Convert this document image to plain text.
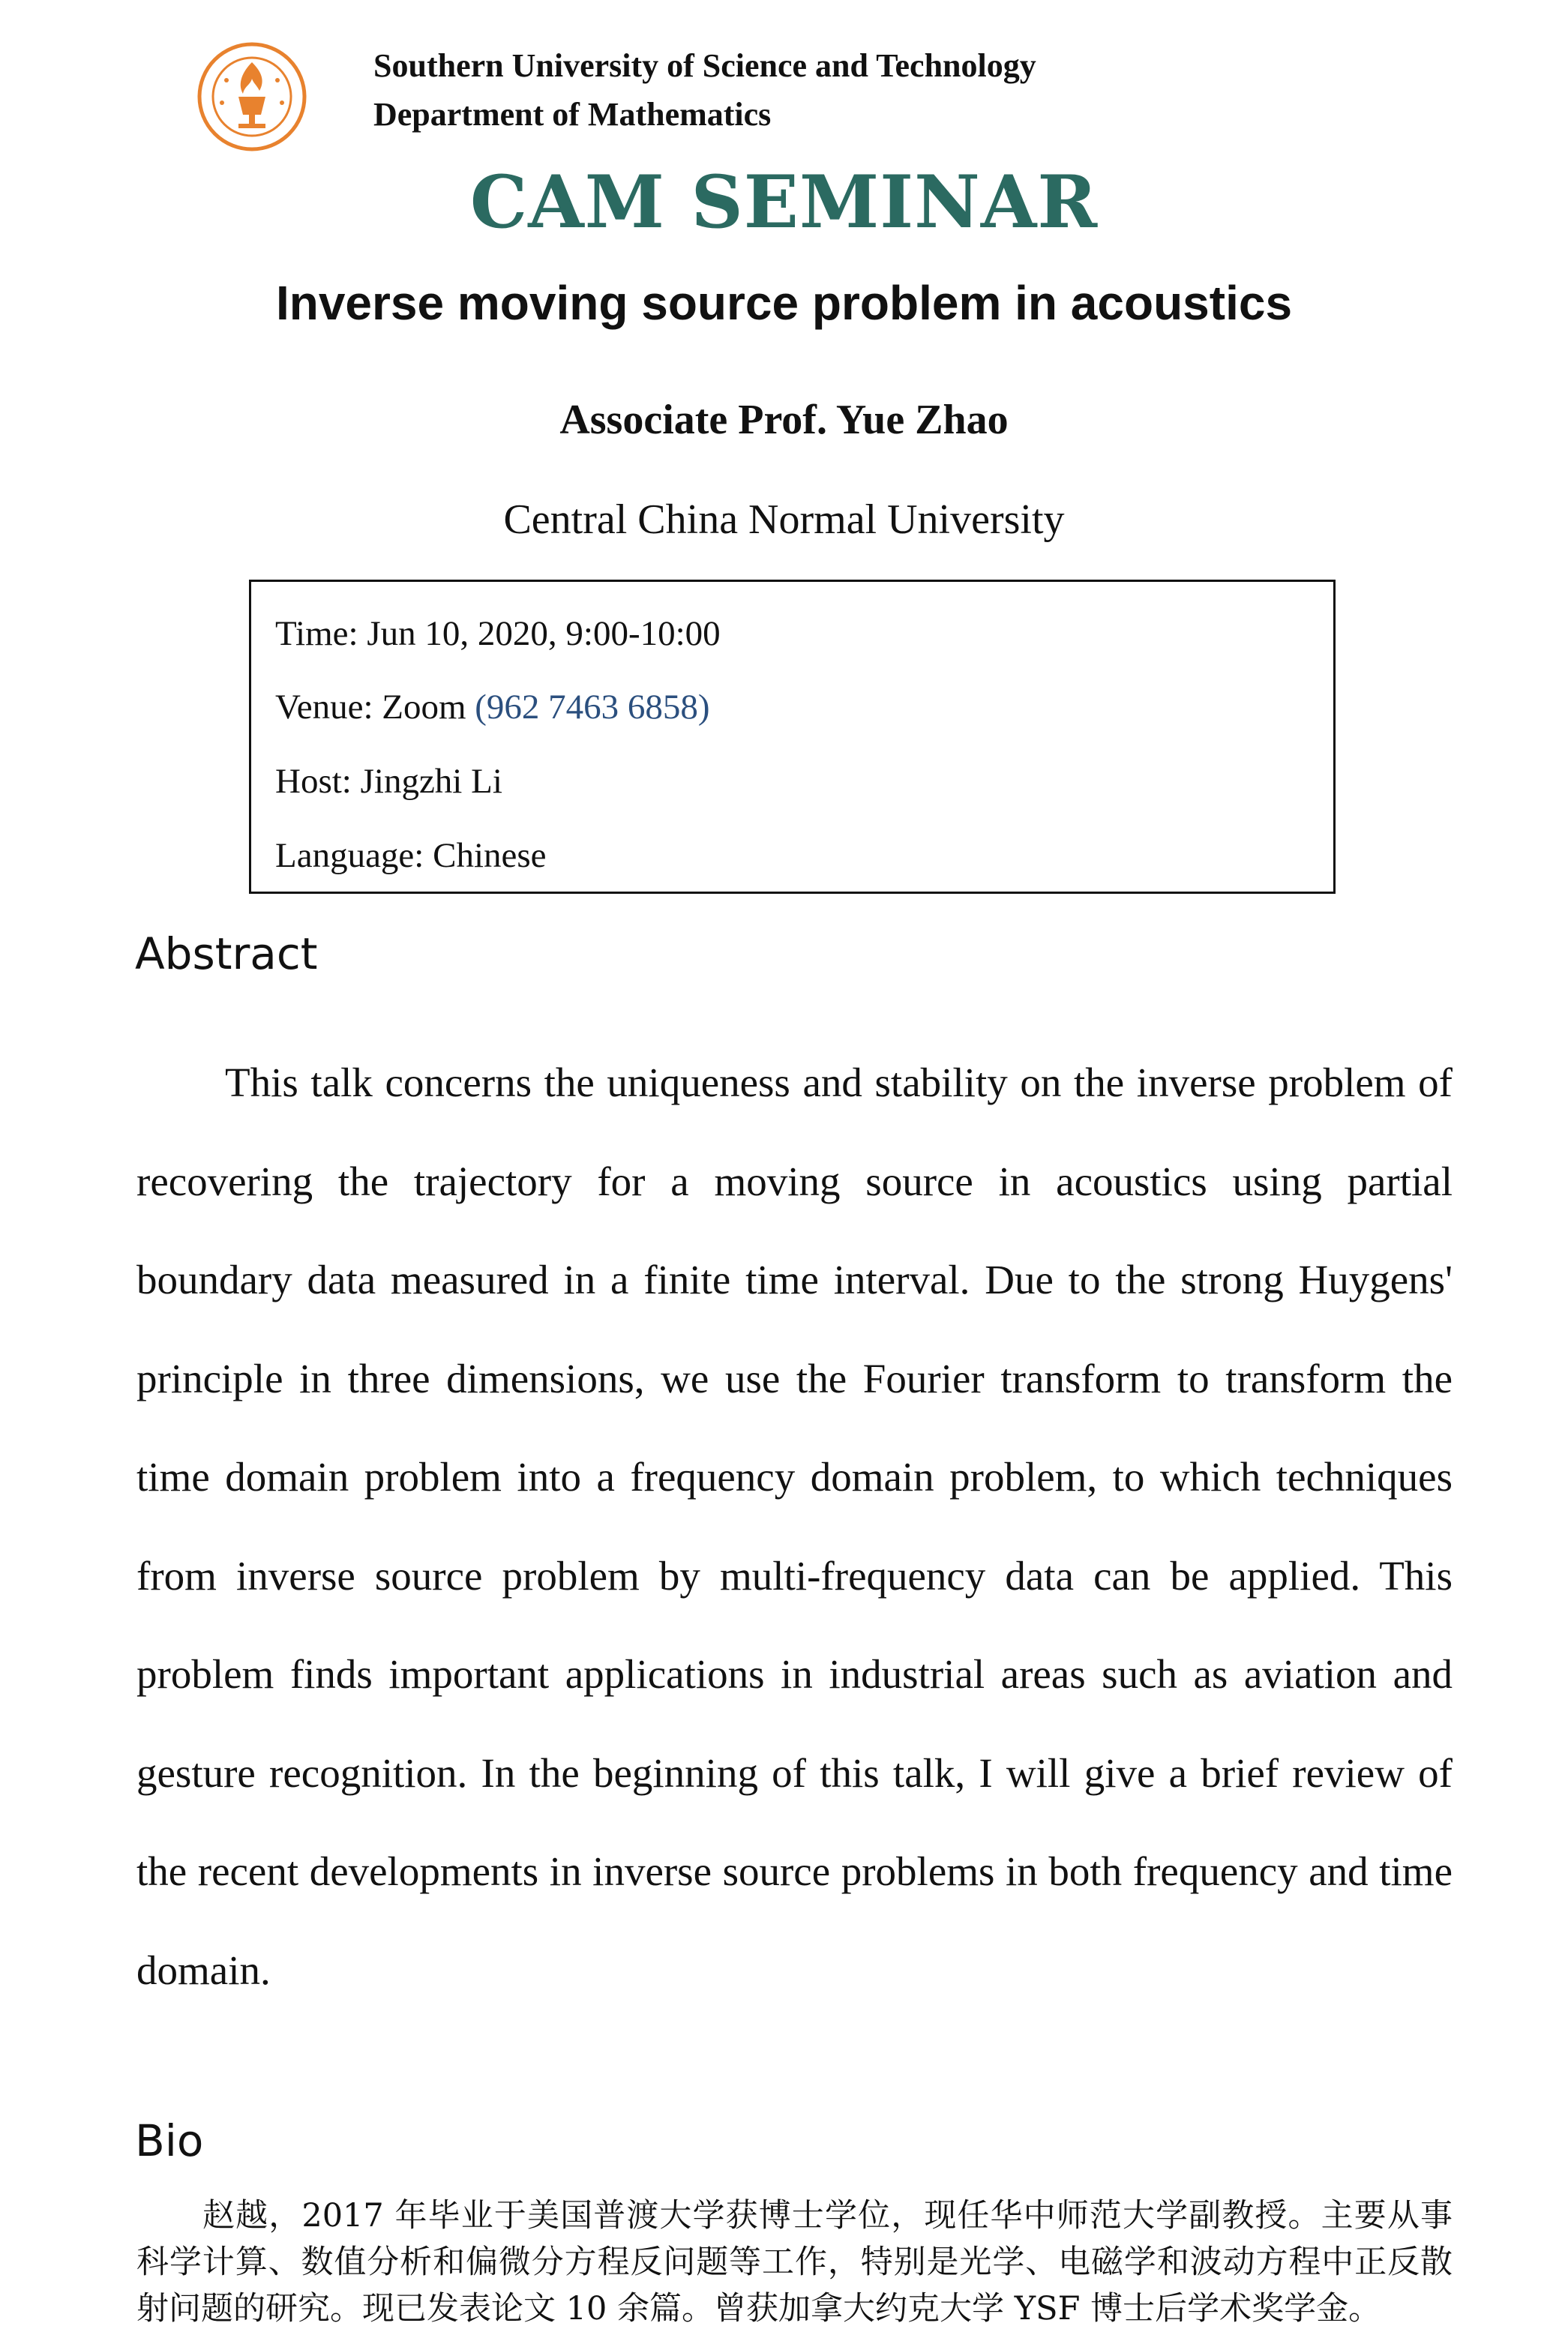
Southern University of Science and Technology
Department of Mathematics
CAM SEMINAR
Inverse moving source problem in acoustics
Associate Prof. Yue Zhao
Central China Normal University
Time: Jun 10, 2020, 9:00-10:00
Venue: Zoom (962 7463 6858)
Host: Jingzhi Li
Language: Chinese
Abstract

This talk concerns the uniqueness and stability on the inverse problem of recovering the trajectory for a moving source in acoustics using partial boundary data measured in a finite time interval. Due to the strong Huygens' principle in three dimensions, we use the Fourier transform to transform the time domain problem into a frequency domain problem, to which techniques from inverse source problem by multi-frequency data can be applied. This problem finds important applications in industrial areas such as aviation and gesture recognition. In the beginning of this talk, I will give a brief review of the recent developments in inverse source problems in both frequency and time domain.

Bio

赵越，2017 年毕业于美国普渡大学获博士学位，现任华中师范大学副教授。主要从事科学计算、数值分析和偏微分方程反问题等工作，特别是光学、电磁学和波动方程中正反散射问题的研究。现已发表论文 10 余篇。曾获加拿大约克大学 YSF 博士后学术奖学金。
